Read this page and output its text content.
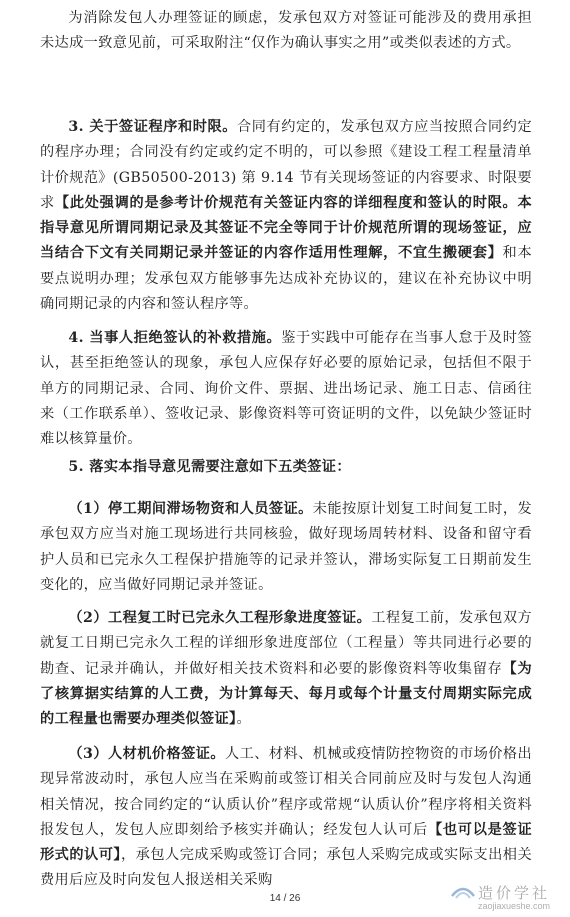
为消除发包人办理签证的顾虑，发承包双方对签证可能涉及的费用承担未达成一致意见前，可采取附注“仅作为确认事实之用”或类似表述的方式。

3. 关于签证程序和时限。合同有约定的，发承包双方应当按照合同约定的程序办理；合同没有约定或约定不明的，可以参照《建设工程工程量清单计价规范》(GB50500-2013) 第 9.14 节有关现场签证的内容要求、时限要求【此处强调的是参考计价规范有关签证内容的详细程度和签认的时限。本指导意见所谓同期记录及其签证不完全等同于计价规范所谓的现场签证，应当结合下文有关同期记录并签证的内容作适用性理解，不宜生搬硬套】和本要点说明办理；发承包双方能够事先达成补充协议的，建议在补充协议中明确同期记录的内容和签认程序等。

4. 当事人拒绝签认的补救措施。鉴于实践中可能存在当事人怠于及时签认，甚至拒绝签认的现象，承包人应保存好必要的原始记录，包括但不限于单方的同期记录、合同、询价文件、票据、进出场记录、施工日志、信函往来（工作联系单）、签收记录、影像资料等可资证明的文件，以免缺少签证时难以核算量价。

5. 落实本指导意见需要注意如下五类签证：

（1）停工期间滞场物资和人员签证。未能按原计划复工时间复工时，发承包双方应当对施工现场进行共同核验，做好现场周转材料、设备和留守看护人员和已完永久工程保护措施等的记录并签认，滞场实际复工日期前发生变化的，应当做好同期记录并签证。

（2）工程复工时已完永久工程形象进度签证。工程复工前，发承包双方就复工日期已完永久工程的详细形象进度部位（工程量）等共同进行必要的勘查、记录并确认，并做好相关技术资料和必要的影像资料等收集留存【为了核算据实结算的人工费，为计算每天、每月或每个计量支付周期实际完成的工程量也需要办理类似签证】。

（3）人材机价格签证。人工、材料、机械或疫情防控物资的市场价格出现异常波动时，承包人应当在采购前或签订相关合同前应及时与发包人沟通相关情况，按合同约定的“认质认价”程序或常规“认质认价”程序将相关资料报发包人，发包人应即刻给予核实并确认；经发包人认可后【也可以是签证形式的认可】，承包人完成采购或签订合同；承包人采购完成或实际支出相关费用后应及时向发包人报送相关采购

14 / 26	造价学社
zaojiaxueshe.com
